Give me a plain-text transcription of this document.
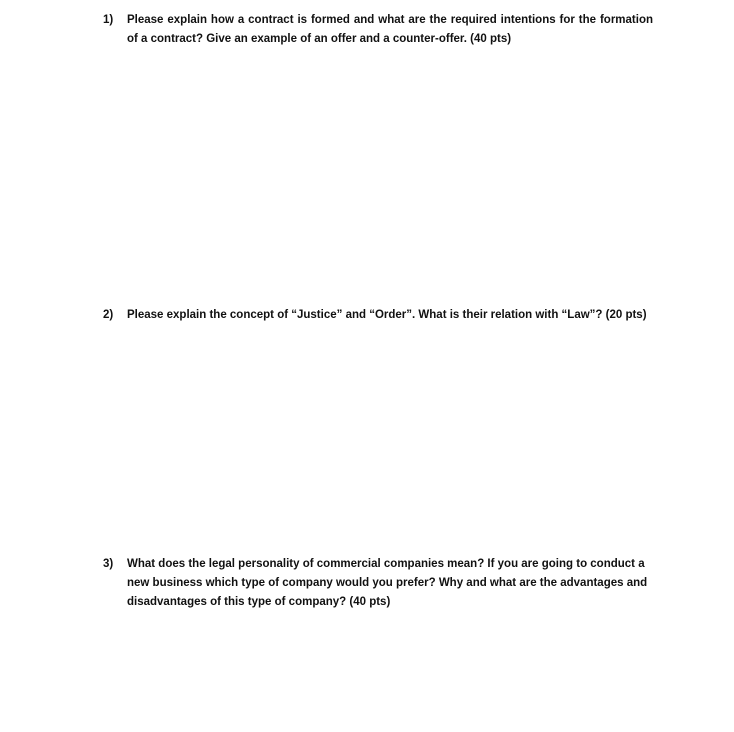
1)	Please explain how a contract is formed and what are the required intentions for the formation of a contract? Give an example of an offer and a counter-offer. (40 pts)
2)	Please explain the concept of “Justice” and “Order”. What is their relation with “Law”? (20 pts)
3)	What does the legal personality of commercial companies mean? If you are going to conduct a new business which type of company would you prefer? Why and what are the advantages and disadvantages of this type of company? (40 pts)
